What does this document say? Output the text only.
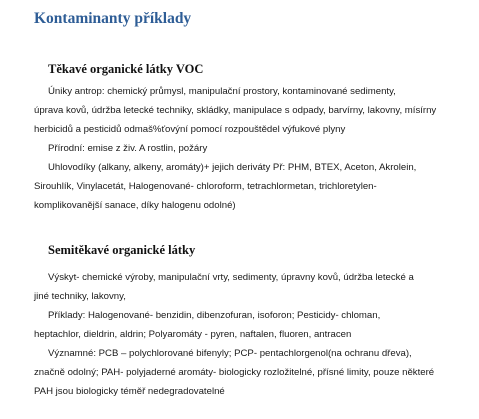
Kontaminanty příklady
Těkavé organické látky VOC
Úniky antrop: chemický průmysl, manipulační prostory, kontaminované sedimenty,
úprava kovů, údržba letecké techniky, skládky, manipulace s odpady, barvírny, lakovny, mísírny
herbicidů a pesticidů odmaš%ťovýní pomocí rozpouštědel výfukové plyny
Přírodní: emise z živ. A rostlin, požáry
Uhlovodíky (alkany, alkeny, aromáty)+ jejich deriváty Př: PHM, BTEX, Aceton, Akrolein,
Sirouhlík, Vinylacetát, Halogenované- chloroform, tetrachlormetan, trichloretylen-
komplikovanější sanace, díky halogenu odolné)
Semitěkavé organické látky
Výskyt- chemické výroby, manipulační vrty, sedimenty, úpravny kovů, údržba letecké a
jiné techniky, lakovny,
Příklady: Halogenované- benzidin, dibenzofuran, isoforon; Pesticidy- chloman,
heptachlor, dieldrin, aldrin; Polyaromáty - pyren, naftalen, fluoren, antracen
Významné: PCB – polychlorované bifenyly; PCP- pentachlorgenol(na ochranu dřeva),
značně odolný; PAH- polyjaderné aromáty- biologicky rozložitelné, přísné limity, pouze některé
PAH jsou biologicky téměř nedegradovatelné
